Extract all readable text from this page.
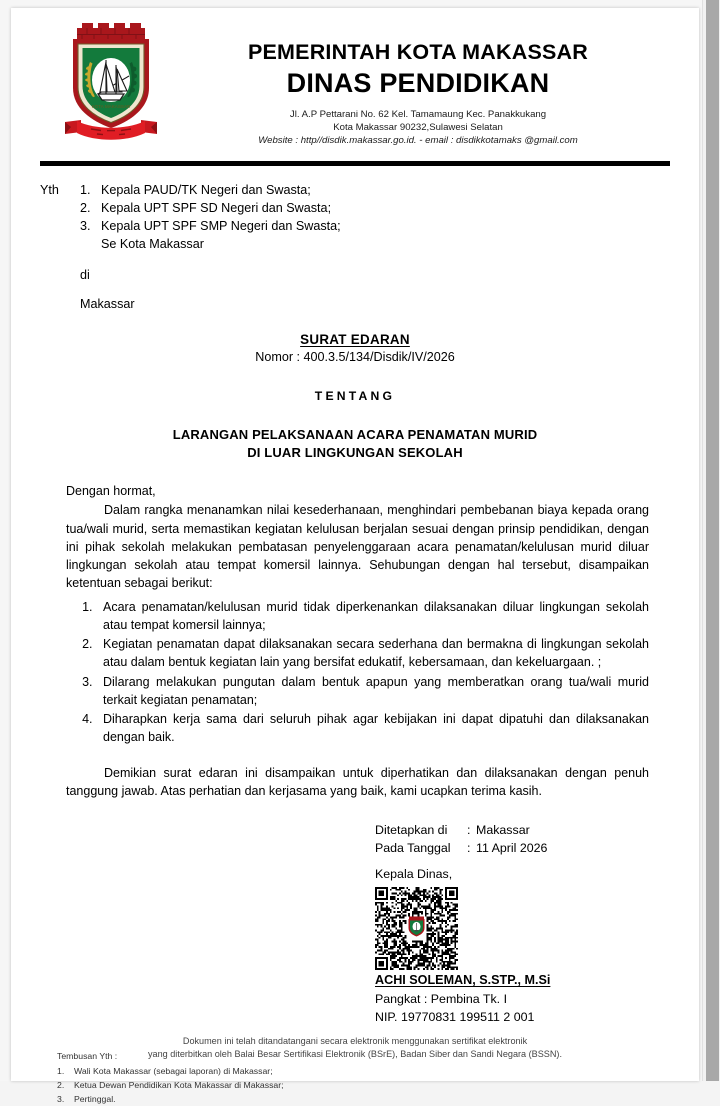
KOTA MAKASSAR
PEMERINTAH KOTA MAKASSAR
DINAS PENDIDIKAN
Jl. A.P Pettarani No. 62 Kel. Tamamaung Kec. Panakkukang
Kota Makassar 90232,Sulawesi Selatan
Website : http//disdik.makassar.go.id. - email : disdikkotamaks @gmail.com
Yth	1. Kepala PAUD/TK Negeri dan Swasta;
2. Kepala UPT SPF SD Negeri dan Swasta;
3. Kepala UPT SPF SMP Negeri dan Swasta;
Se Kota Makassar
di
Makassar
SURAT EDARAN
Nomor : 400.3.5/134/Disdik/IV/2026
TENTANG
LARANGAN PELAKSANAAN ACARA PENAMATAN MURID
DI LUAR LINGKUNGAN SEKOLAH
Dengan hormat,
Dalam rangka menanamkan nilai kesederhanaan, menghindari pembebanan biaya kepada orang tua/wali murid, serta memastikan kegiatan kelulusan berjalan sesuai dengan prinsip pendidikan, dengan ini pihak sekolah melakukan pembatasan penyelenggaraan acara penamatan/kelulusan murid diluar lingkungan sekolah atau tempat komersil lainnya. Sehubungan dengan hal tersebut, disampaikan ketentuan sebagai berikut:
1. Acara penamatan/kelulusan murid tidak diperkenankan dilaksanakan diluar lingkungan sekolah atau tempat komersil lainnya;
2. Kegiatan penamatan dapat dilaksanakan secara sederhana dan bermakna di lingkungan sekolah atau dalam bentuk kegiatan lain yang bersifat edukatif, kebersamaan, dan kekeluargaan. ;
3. Dilarang melakukan pungutan dalam bentuk apapun yang memberatkan orang tua/wali murid terkait kegiatan penamatan;
4. Diharapkan kerja sama dari seluruh pihak agar kebijakan ini dapat dipatuhi dan dilaksanakan dengan baik.
Demikian surat edaran ini disampaikan untuk diperhatikan dan dilaksanakan dengan penuh tanggung jawab. Atas perhatian dan kerjasama yang baik, kami ucapkan terima kasih.
Ditetapkan di	: Makassar
Pada Tanggal	: 11 April 2026
Kepala Dinas,
ACHI SOLEMAN, S.STP., M.Si
Pangkat : Pembina Tk. I
NIP. 19770831 199511 2 001
Tembusan Yth :
1.	Wali Kota Makassar (sebagai laporan) di Makassar;
2.	Ketua Dewan Pendidikan Kota Makassar di Makassar;
3.	Pertinggal.
Dokumen ini telah ditandatangani secara elektronik menggunakan sertifikat elektronik
yang diterbitkan oleh Balai Besar Sertifikasi Elektronik (BSrE), Badan Siber dan Sandi Negara (BSSN).
